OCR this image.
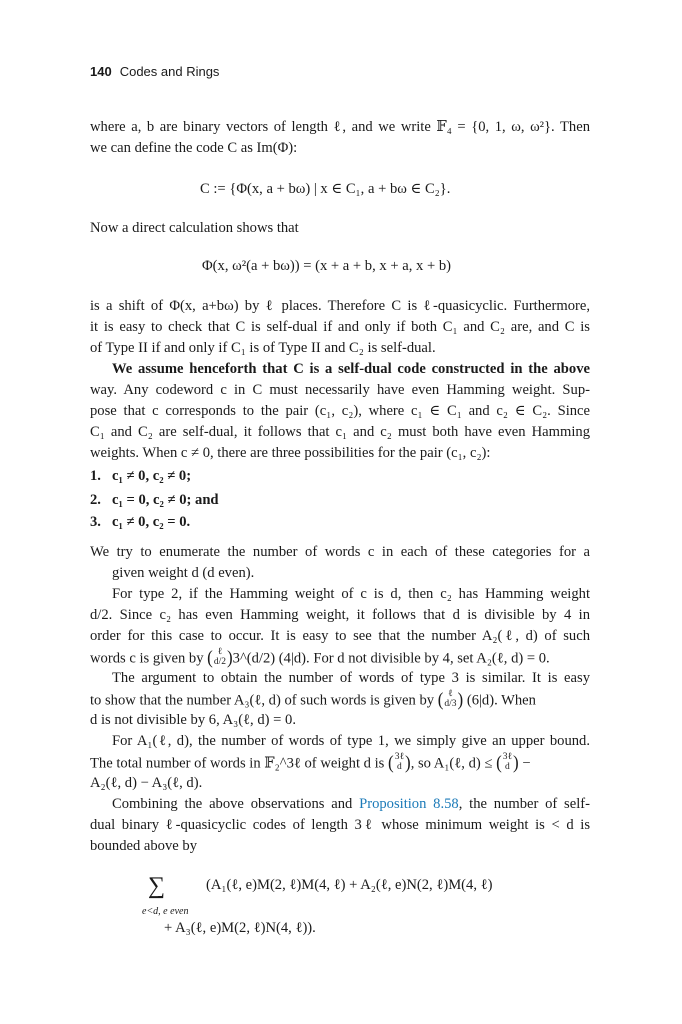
140 Codes and Rings
where a, b are binary vectors of length ℓ, and we write 𝔽₄ = {0, 1, ω, ω²}. Then
we can define the code C as Im(Φ):
C := {Φ(x, a + bω) | x ∈ C₁, a + bω ∈ C₂}.
Now a direct calculation shows that
Φ(x, ω²(a + bω)) = (x + a + b, x + a, x + b)
is a shift of Φ(x, a+bω) by ℓ places. Therefore C is ℓ-quasicyclic. Furthermore,
it is easy to check that C is self-dual if and only if both C₁ and C₂ are, and C is
of Type II if and only if C₁ is of Type II and C₂ is self-dual.
We assume henceforth that C is a self-dual code constructed in the above
way. Any codeword c in C must necessarily have even Hamming weight. Sup-
pose that c corresponds to the pair (c₁, c₂), where c₁ ∈ C₁ and c₂ ∈ C₂. Since
C₁ and C₂ are self-dual, it follows that c₁ and c₂ must both have even Hamming
weights. When c ≠ 0, there are three possibilities for the pair (c₁, c₂):
1. c₁ ≠ 0, c₂ ≠ 0;
2. c₁ = 0, c₂ ≠ 0; and
3. c₁ ≠ 0, c₂ = 0.
We try to enumerate the number of words c in each of these categories for a
given weight d (d even).
For type 2, if the Hamming weight of c is d, then c₂ has Hamming weight
d/2. Since c₂ has even Hamming weight, it follows that d is divisible by 4 in
order for this case to occur. It is easy to see that the number A₂(ℓ, d) of such
words c is given by ( ℓ
d/2 ) 3^(d/2) (4|d). For d not divisible by 4, set A₂(ℓ, d) = 0.
The argument to obtain the number of words of type 3 is similar. It is easy
to show that the number A₃(ℓ, d) of such words is given by ( ℓ
d/3 ) (6|d). When
d is not divisible by 6, A₃(ℓ, d) = 0.
For A₁(ℓ, d), the number of words of type 1, we simply give an upper bound.
The total number of words in 𝔽₂^3ℓ of weight d is ( 3ℓ
d ) , so A₁(ℓ, d) ≤ ( 3ℓ
d ) −
A₂(ℓ, d) − A₃(ℓ, d).
Combining the above observations and Proposition 8.58, the number of self-
dual binary ℓ-quasicyclic codes of length 3ℓ whose minimum weight is < d is
bounded above by
∑
e<d, e even
(A₁(ℓ, e)M(2, ℓ)M(4, ℓ) + A₂(ℓ, e)N(2, ℓ)M(4, ℓ)
+ A₃(ℓ, e)M(2, ℓ)N(4, ℓ)).
